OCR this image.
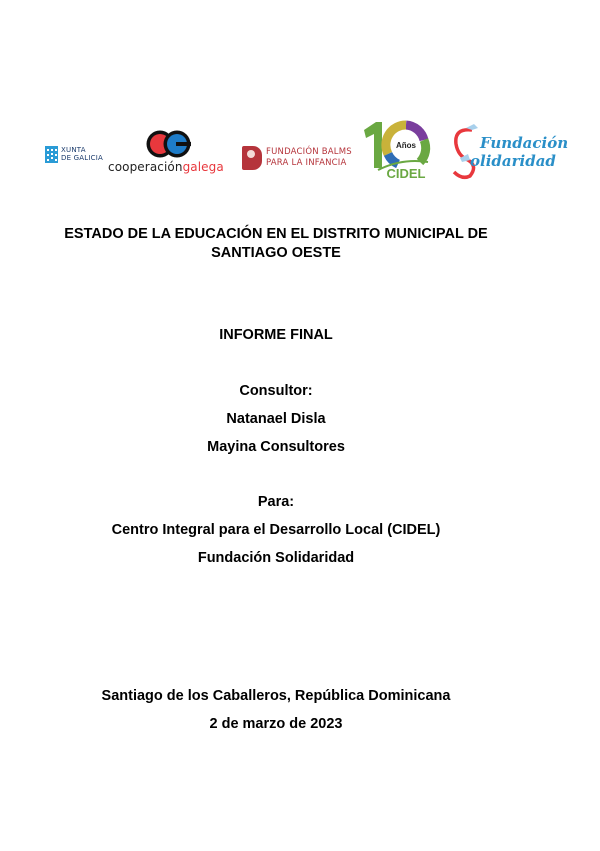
XUNTA
DE GALICIA
cooperacióngalega
FUNDACIÓN BALMS
PARA LA INFANCIA
Años
CIDEL
Fundación
olidaridad
ESTADO DE LA EDUCACIÓN EN EL DISTRITO MUNICIPAL DE
SANTIAGO OESTE
INFORME FINAL
Consultor:
Natanael Disla
Mayina Consultores
Para:
Centro Integral para el Desarrollo Local (CIDEL)
Fundación Solidaridad
Santiago de los Caballeros, República Dominicana
2 de marzo de 2023
